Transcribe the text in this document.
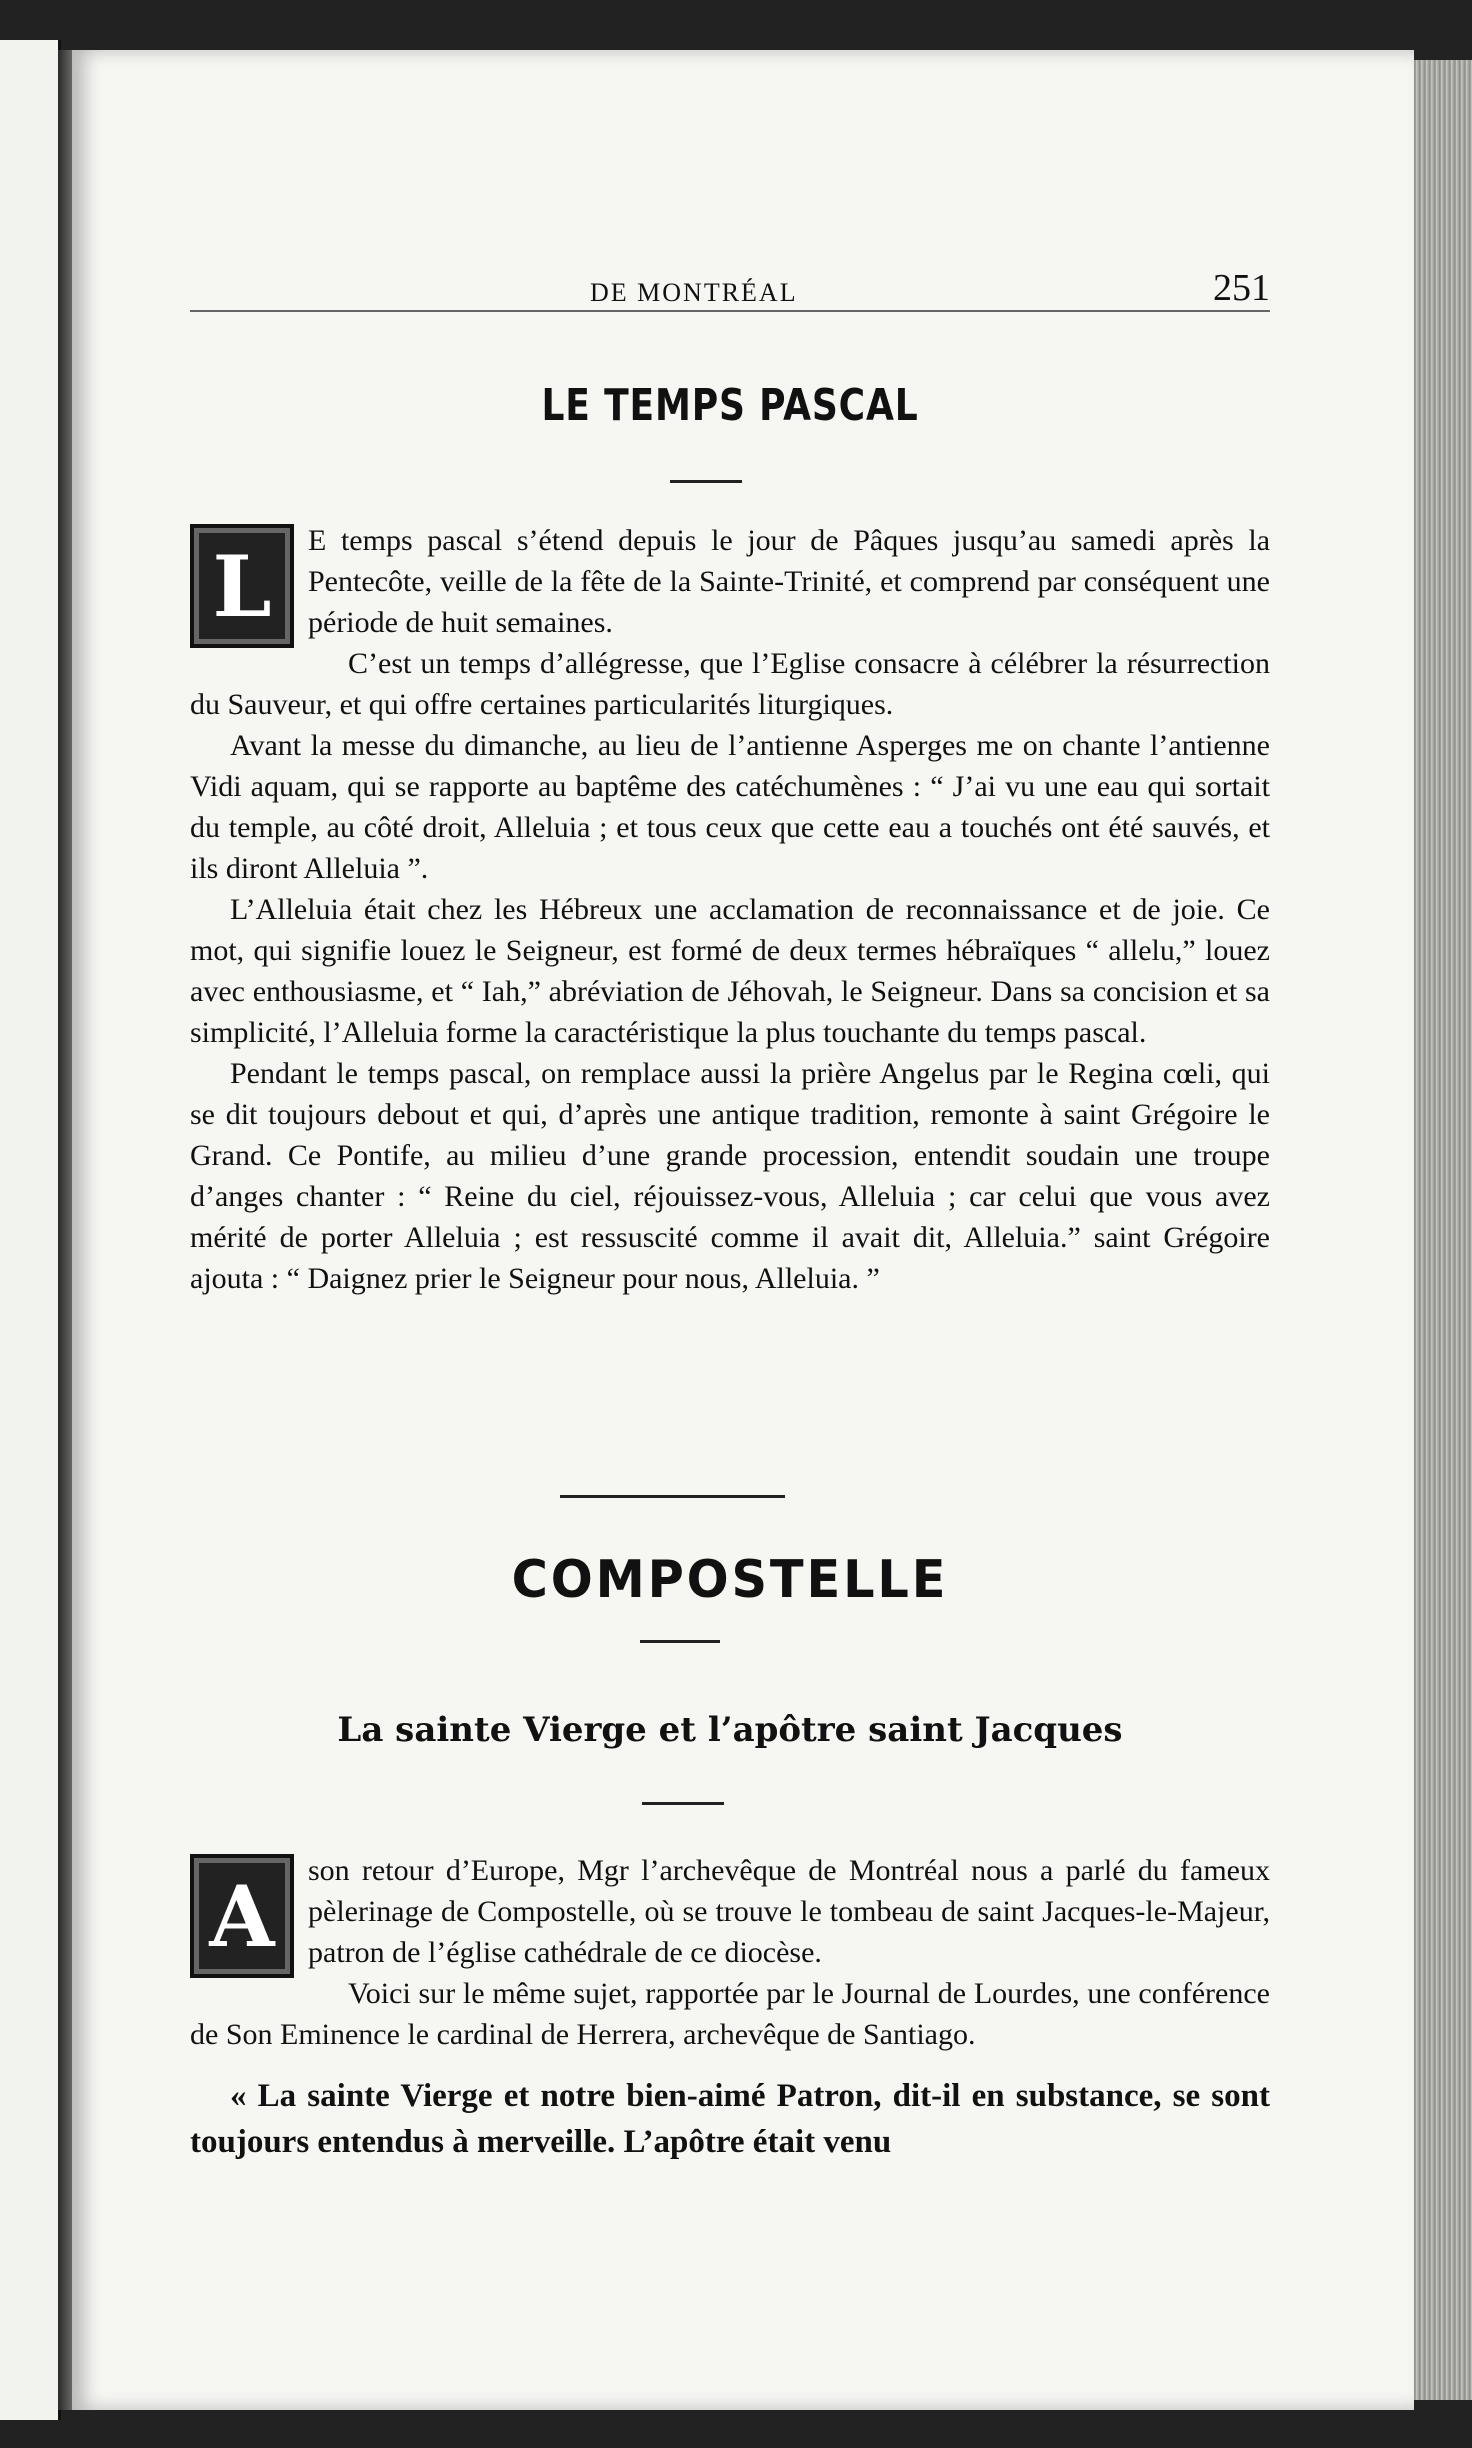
DE MONTRÉAL	251
LE TEMPS PASCAL

L	E temps pascal s’étend depuis le jour de Pâques jusqu’au samedi après la Pentecôte, veille de la fête de la Sainte-Trinité, et comprend par conséquent une période de huit semaines.

C’est un temps d’allégresse, que l’Eglise consacre à célébrer la résurrection du Sauveur, et qui offre certaines particularités liturgiques.

Avant la messe du dimanche, au lieu de l’antienne Asperges me on chante l’antienne Vidi aquam, qui se rapporte au baptême des catéchumènes : “ J’ai vu une eau qui sortait du temple, au côté droit, Alleluia ; et tous ceux que cette eau a touchés ont été sauvés, et ils diront Alleluia ”.

L’Alleluia était chez les Hébreux une acclamation de reconnaissance et de joie. Ce mot, qui signifie louez le Seigneur, est formé de deux termes hébraïques “ allelu,” louez avec enthousiasme, et “ Iah,” abréviation de Jéhovah, le Seigneur. Dans sa concision et sa simplicité, l’Alleluia forme la caractéristique la plus touchante du temps pascal.

Pendant le temps pascal, on remplace aussi la prière Angelus par le Regina cœli, qui se dit toujours debout et qui, d’après une antique tradition, remonte à saint Grégoire le Grand. Ce Pontife, au milieu d’une grande procession, entendit soudain une troupe d’anges chanter : “ Reine du ciel, réjouissez-vous, Alleluia ; car celui que vous avez mérité de porter Alleluia ; est ressuscité comme il avait dit, Alleluia.” saint Grégoire ajouta : “ Daignez prier le Seigneur pour nous, Alleluia. ”

COMPOSTELLE
La sainte Vierge et l’apôtre saint Jacques

A	son retour d’Europe, Mgr l’archevêque de Montréal nous a parlé du fameux pèlerinage de Compostelle, où se trouve le tombeau de saint Jacques-le-Majeur, patron de l’église cathédrale de ce diocèse.

Voici sur le même sujet, rapportée par le Journal de Lourdes, une conférence de Son Eminence le cardinal de Herrera, archevêque de Santiago.

« La sainte Vierge et notre bien-aimé Patron, dit-il en substance, se sont toujours entendus à merveille. L’apôtre était venu
